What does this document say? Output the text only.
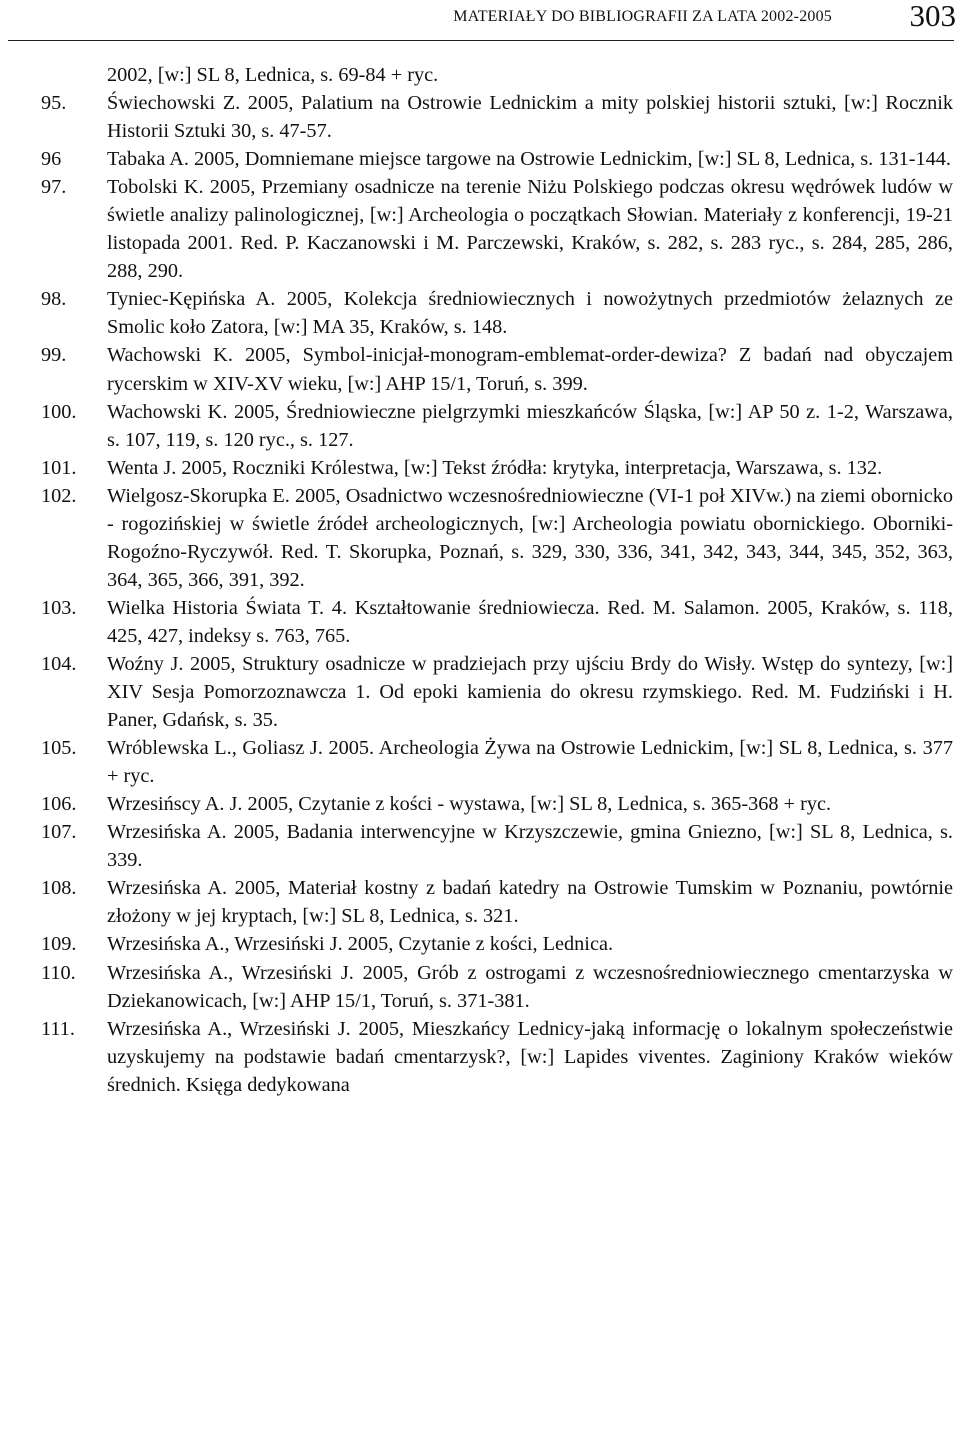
MATERIAŁY DO BIBLIOGRAFII ZA LATA 2002-2005	303
2002, [w:] SL 8, Lednica, s. 69-84 + ryc.
95.	Świechowski Z. 2005, Palatium na Ostrowie Lednickim a mity polskiej historii sztuki, [w:] Rocznik Historii Sztuki 30, s. 47-57.
96	Tabaka A. 2005, Domniemane miejsce targowe na Ostrowie Lednickim, [w:] SL 8, Lednica, s. 131-144.
97.	Tobolski K. 2005, Przemiany osadnicze na terenie Niżu Polskiego podczas okresu wędrówek ludów w świetle analizy palinologicznej, [w:] Archeologia o początkach Słowian. Materiały z konferencji, 19-21 listopada 2001. Red. P. Kaczanowski i M. Parczewski, Kraków, s. 282, s. 283 ryc., s. 284, 285, 286, 288, 290.
98.	Tyniec-Kępińska A. 2005, Kolekcja średniowiecznych i nowożytnych przedmiotów żelaznych ze Smolic koło Zatora, [w:] MA 35, Kraków, s. 148.
99.	Wachowski K. 2005, Symbol-inicjał-monogram-emblemat-order-dewiza? Z badań nad obyczajem rycerskim w XIV-XV wieku, [w:] AHP 15/1, Toruń, s. 399.
100.	Wachowski K. 2005, Średniowieczne pielgrzymki mieszkańców Śląska, [w:] AP 50 z. 1-2, Warszawa, s. 107, 119, s. 120 ryc., s. 127.
101.	Wenta J. 2005, Roczniki Królestwa, [w:] Tekst źródła: krytyka, interpretacja, Warszawa, s. 132.
102.	Wielgosz-Skorupka E. 2005, Osadnictwo wczesnośredniowieczne (VI-1 poł XIVw.) na ziemi obornicko - rogozińskiej w świetle źródeł archeologicznych, [w:] Archeologia powiatu obornickiego. Oborniki-Rogoźno-Ryczywół. Red. T. Skorupka, Poznań, s. 329, 330, 336, 341, 342, 343, 344, 345, 352, 363, 364, 365, 366, 391, 392.
103.	Wielka Historia Świata T. 4. Kształtowanie średniowiecza. Red. M. Salamon. 2005, Kraków, s. 118, 425, 427, indeksy s. 763, 765.
104.	Woźny J. 2005, Struktury osadnicze w pradziejach przy ujściu Brdy do Wisły. Wstęp do syntezy, [w:] XIV Sesja Pomorzoznawcza 1. Od epoki kamienia do okresu rzymskiego. Red. M. Fudziński i H. Paner, Gdańsk, s. 35.
105.	Wróblewska L., Goliasz J. 2005. Archeologia Żywa na Ostrowie Lednickim, [w:] SL 8, Lednica, s. 377 + ryc.
106.	Wrzesińscy A. J. 2005, Czytanie z kości - wystawa, [w:] SL 8, Lednica, s. 365-368 + ryc.
107.	Wrzesińska A. 2005, Badania interwencyjne w Krzyszczewie, gmina Gniezno, [w:] SL 8, Lednica, s. 339.
108.	Wrzesińska A. 2005, Materiał kostny z badań katedry na Ostrowie Tumskim w Poznaniu, powtórnie złożony w jej kryptach, [w:] SL 8, Lednica, s. 321.
109.	Wrzesińska A., Wrzesiński J. 2005, Czytanie z kości, Lednica.
110.	Wrzesińska A., Wrzesiński J. 2005, Grób z ostrogami z wczesnośredniowiecznego cmentarzyska w Dziekanowicach, [w:] AHP 15/1, Toruń, s. 371-381.
111.	Wrzesińska A., Wrzesiński J. 2005, Mieszkańcy Lednicy-jaką informację o lokalnym społeczeństwie uzyskujemy na podstawie badań cmentarzysk?, [w:] Lapides viventes. Zaginiony Kraków wieków średnich. Księga dedykowana
